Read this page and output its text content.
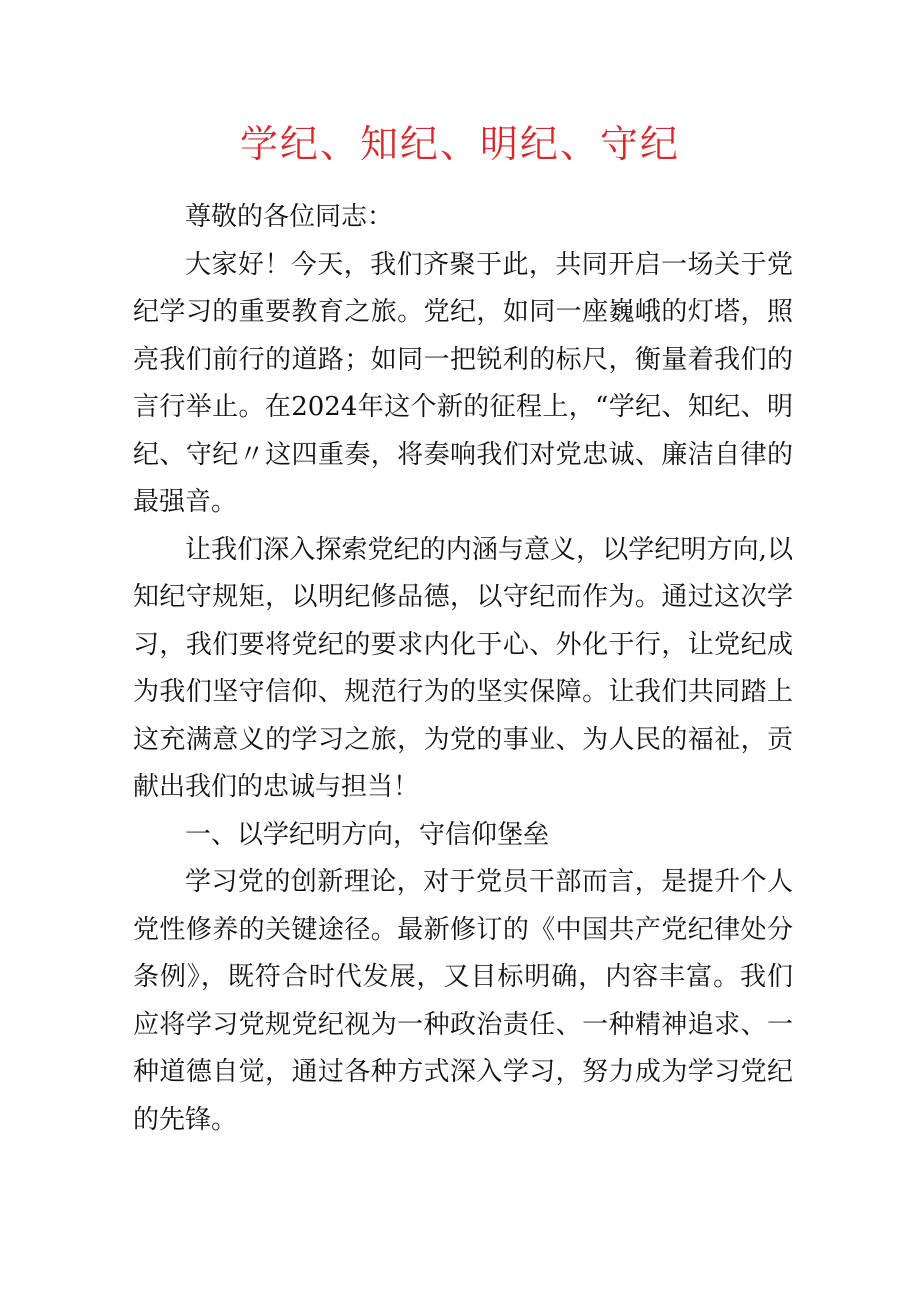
学纪、知纪、明纪、守纪

尊敬的各位同志：

大家好！今天，我们齐聚于此，共同开启一场关于党纪学习的重要教育之旅。党纪，如同一座巍峨的灯塔，照亮我们前行的道路；如同一把锐利的标尺，衡量着我们的言行举止。在2024年这个新的征程上，“学纪、知纪、明纪、守纪〃这四重奏，将奏响我们对党忠诚、廉洁自律的最强音。

让我们深入探索党纪的内涵与意义，以学纪明方向,以知纪守规矩，以明纪修品德，以守纪而作为。通过这次学习，我们要将党纪的要求内化于心、外化于行，让党纪成为我们坚守信仰、规范行为的坚实保障。让我们共同踏上这充满意义的学习之旅，为党的事业、为人民的福祉，贡献出我们的忠诚与担当！

一、以学纪明方向，守信仰堡垒

学习党的创新理论，对于党员干部而言，是提升个人党性修养的关键途径。最新修订的《中国共产党纪律处分条例》，既符合时代发展，又目标明确，内容丰富。我们应将学习党规党纪视为一种政治责任、一种精神追求、一种道德自觉，通过各种方式深入学习，努力成为学习党纪的先锋。
